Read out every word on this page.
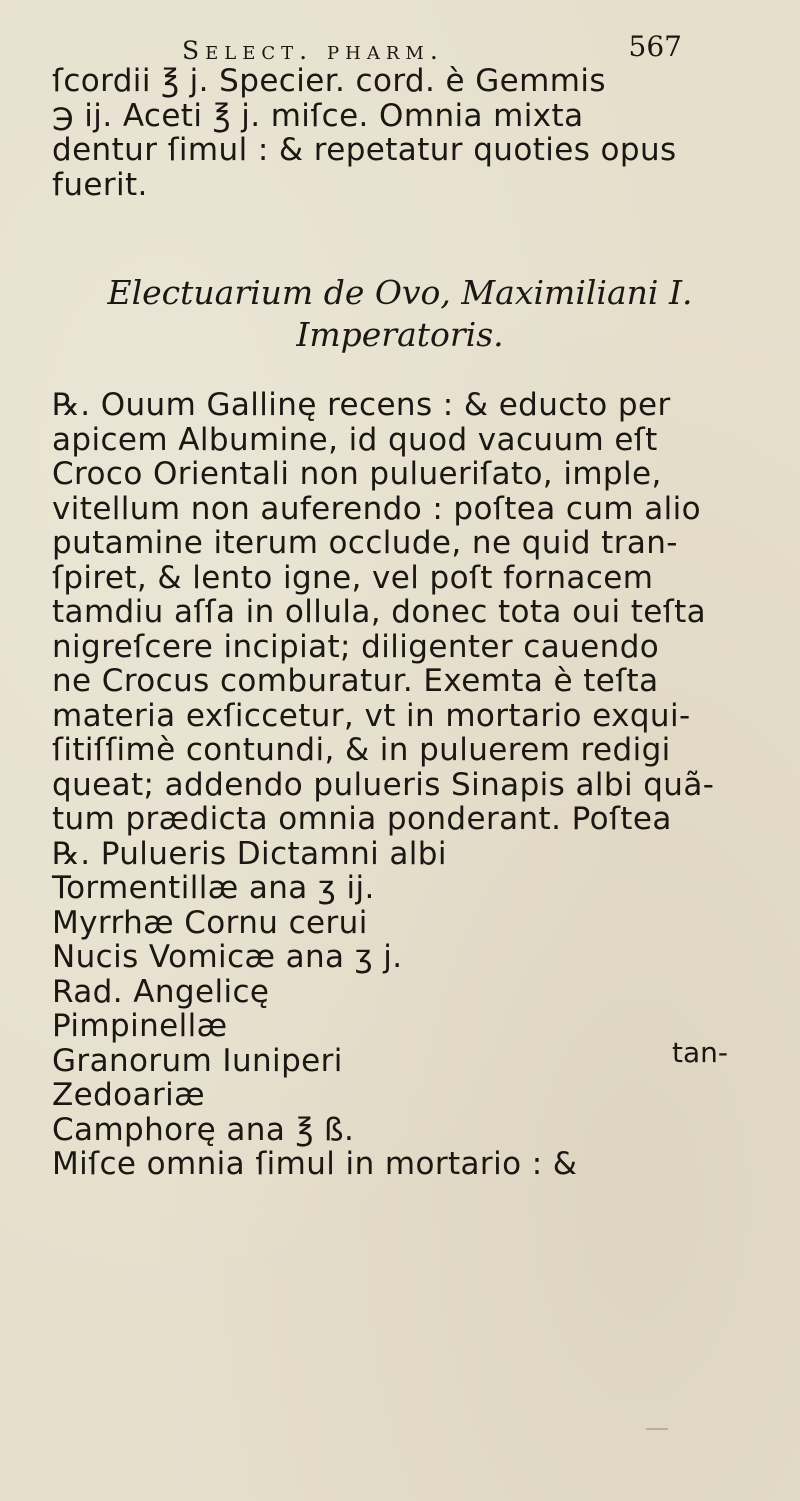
Select. pharm.	567
ſcordii ℥ j. Specier. cord. è Gemmis
℈ ij. Aceti ℥ j. miſce. Omnia mixta
dentur ſimul : & repetatur quoties opus
fuerit.
Electuarium de Ovo, Maximiliani I.
Imperatoris.
℞. Ouum Gallinę recens : & educto per
apicem Albumine, id quod vacuum eſt
Croco Orientali non pulueriſato, imple,
vitellum non auferendo : poſtea cum alio
putamine iterum occlude, ne quid tran-
ſpiret, & lento igne, vel poſt fornacem
tamdiu aſſa in ollula, donec tota oui teſta
nigreſcere incipiat; diligenter cauendo
ne Crocus comburatur. Exemta è teſta
materia exſiccetur, vt in mortario exqui-
ſitiſſimè contundi, & in puluerem redigi
queat; addendo pulueris Sinapis albi quã-
tum prædicta omnia ponderant. Poſtea
℞. Pulueris Dictamni albi
Tormentillæ ana ʒ ij.
Myrrhæ Cornu cerui
Nucis Vomicæ ana ʒ j.
Rad. Angelicę
Pimpinellæ
Granorum Iuniperi
Zedoariæ
Camphorę ana ℥ ß.
Miſce omnia ſimul in mortario : &
tan-
